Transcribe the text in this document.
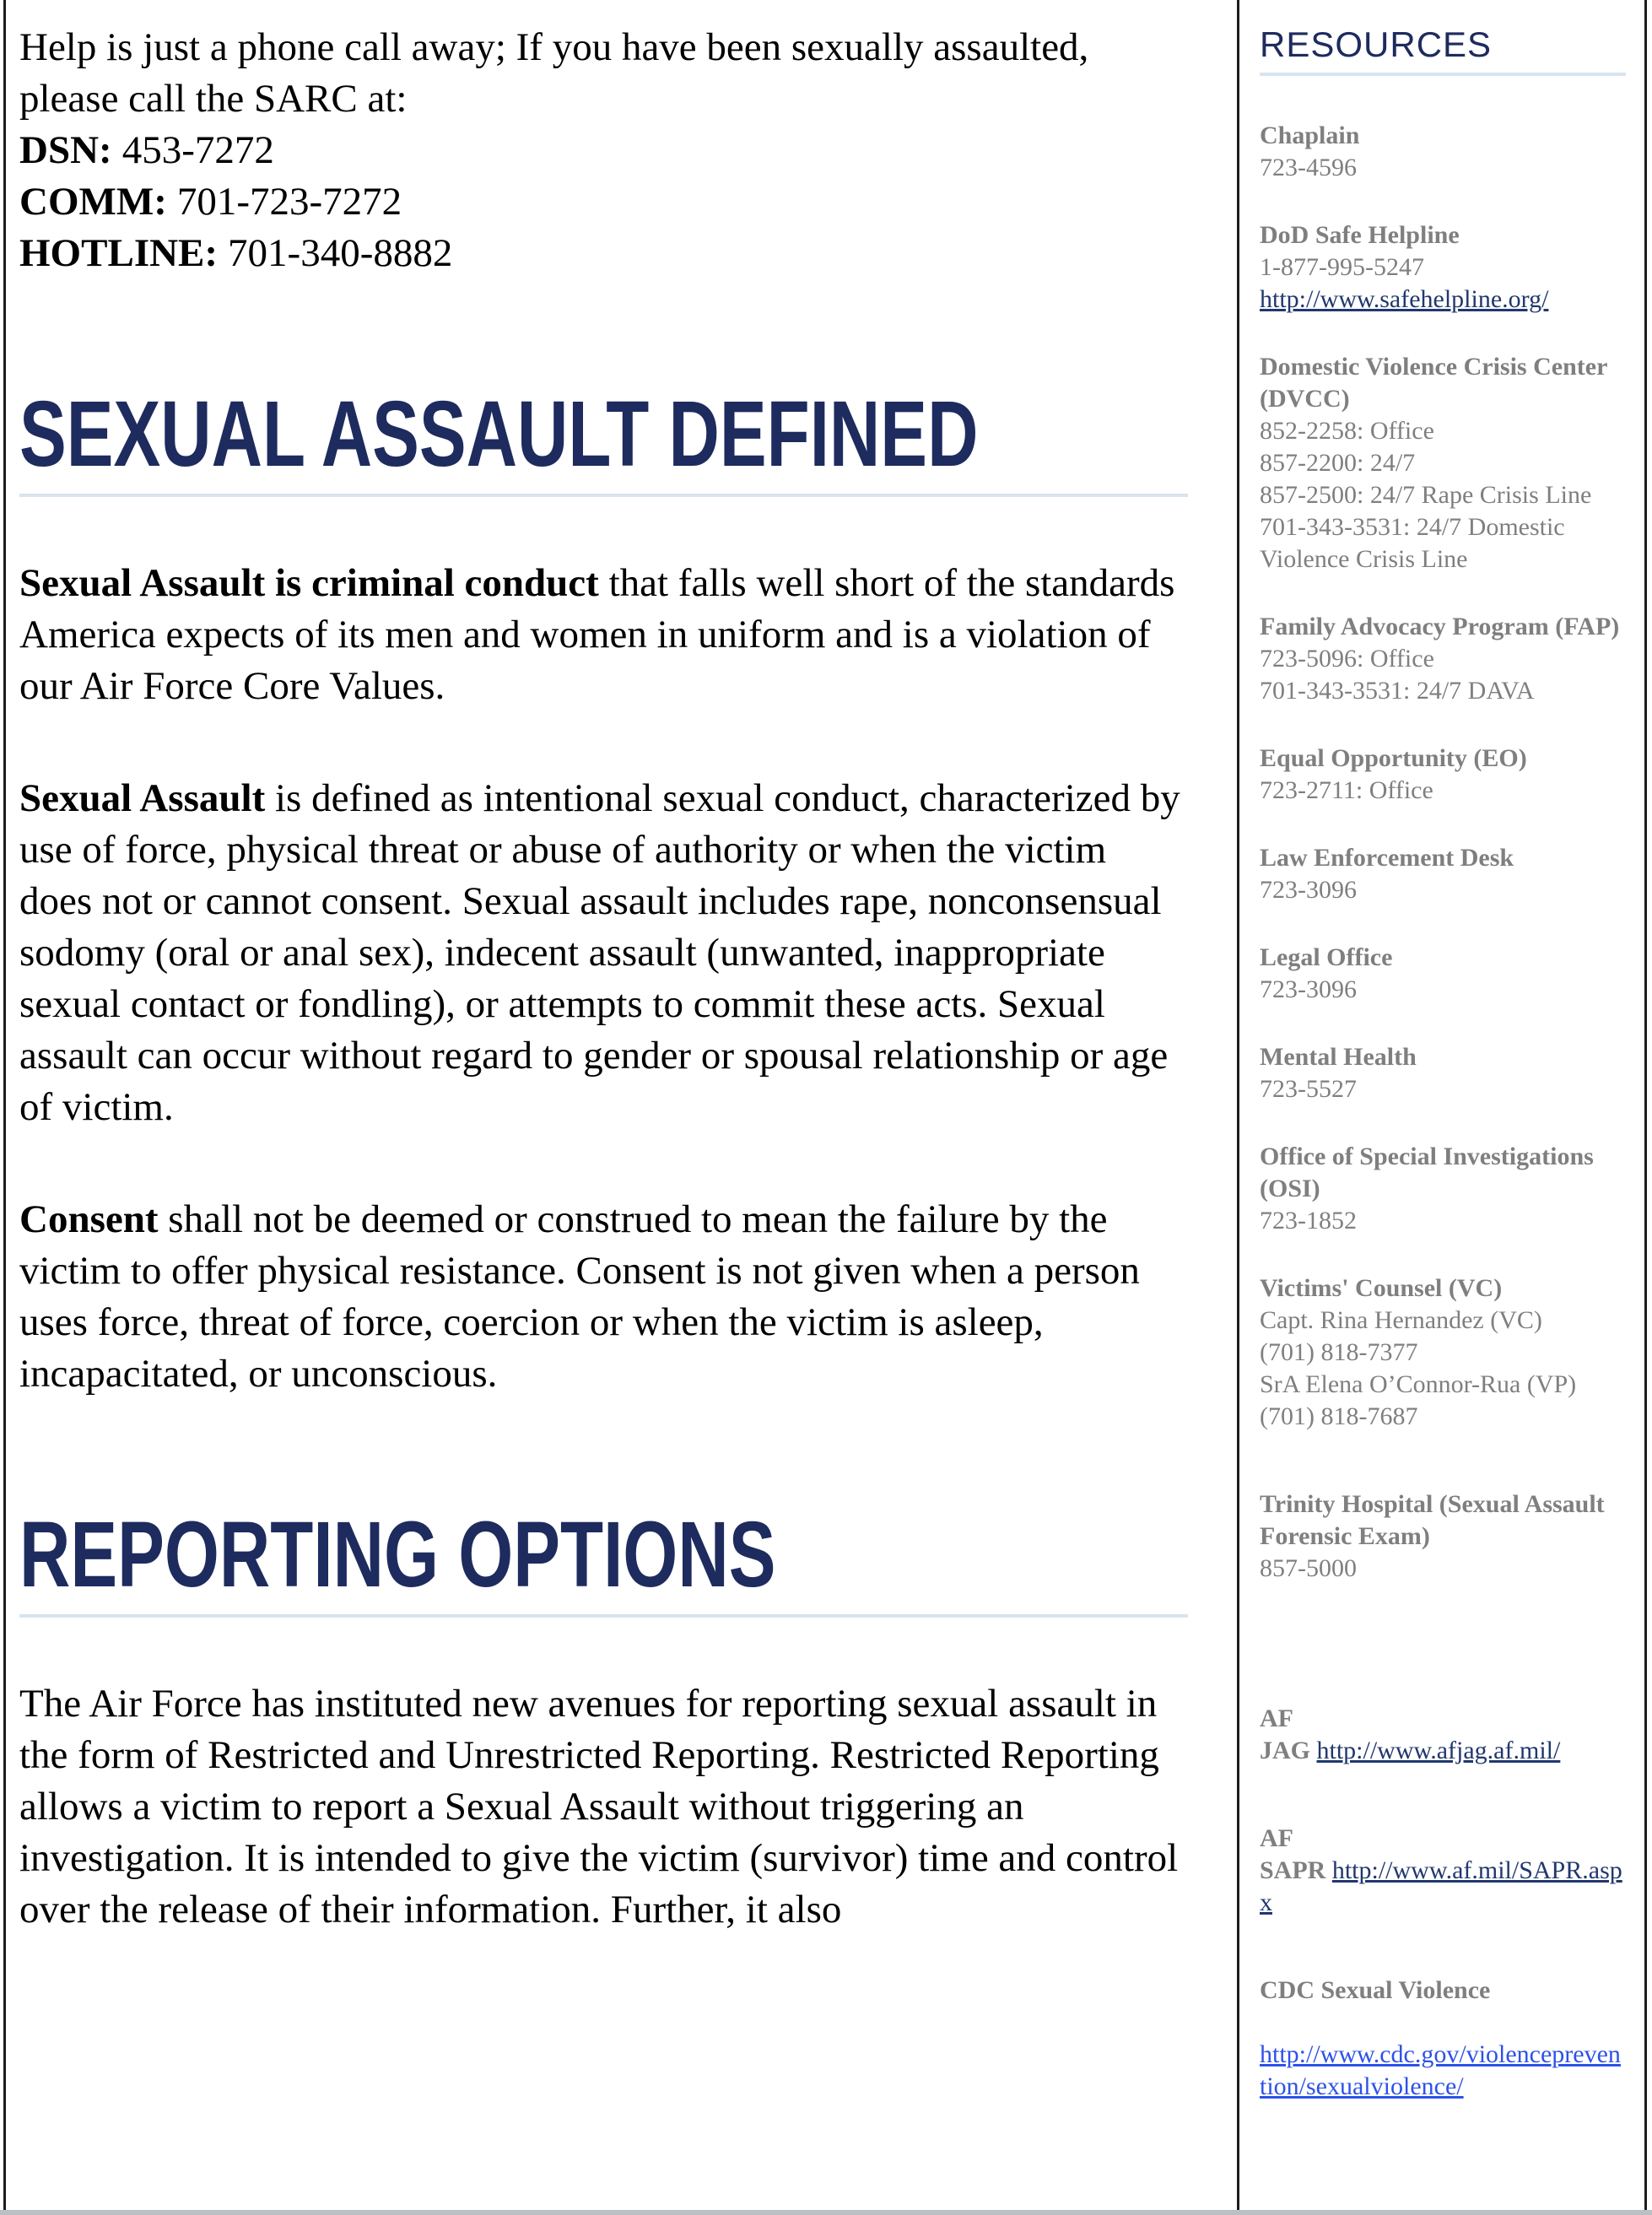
Help is just a phone call away; If you have been sexually assaulted, please call the SARC at:

DSN: 453-7272

COMM: 701-723-7272

HOTLINE: 701-340-8882

SEXUAL ASSAULT DEFINED

Sexual Assault is criminal conduct that falls well short of the standards America expects of its men and women in uniform and is a violation of our Air Force Core Values.

Sexual Assault is defined as intentional sexual conduct, characterized by use of force, physical threat or abuse of authority or when the victim does not or cannot consent. Sexual assault includes rape, nonconsensual sodomy (oral or anal sex), indecent assault (unwanted, inappropriate sexual contact or fondling), or attempts to commit these acts. Sexual assault can occur without regard to gender or spousal relationship or age of victim.

Consent shall not be deemed or construed to mean the failure by the victim to offer physical resistance. Consent is not given when a person uses force, threat of force, coercion or when the victim is asleep, incapacitated, or unconscious.

REPORTING OPTIONS

The Air Force has instituted new avenues for reporting sexual assault in the form of Restricted and Unrestricted Reporting. Restricted Reporting allows a victim to report a Sexual Assault without triggering an investigation. It is intended to give the victim (survivor) time and control over the release of their information. Further, it also

RESOURCES

Chaplain

723-4596

DoD Safe Helpline

1-877-995-5247

http://www.safehelpline.org/

Domestic Violence Crisis Center (DVCC)

852-2258: Office

857-2200: 24/7

857-2500: 24/7 Rape Crisis Line

701-343-3531: 24/7 Domestic Violence Crisis Line

Family Advocacy Program (FAP)

723-5096: Office

701-343-3531: 24/7 DAVA

Equal Opportunity (EO)

723-2711: Office

Law Enforcement Desk

723-3096

Legal Office

723-3096

Mental Health

723-5527

Office of Special Investigations (OSI)

723-1852

Victims' Counsel (VC)

Capt. Rina Hernandez (VC)

(701) 818-7377

SrA Elena O’Connor-Rua (VP)

(701) 818-7687

Trinity Hospital (Sexual Assault Forensic Exam)

857-5000

AF

JAG http://www.afjag.af.mil/

AF

SAPR http://www.af.mil/SAPR.aspx

CDC Sexual Violence

http://www.cdc.gov/violenceprevention/sexualviolence/
